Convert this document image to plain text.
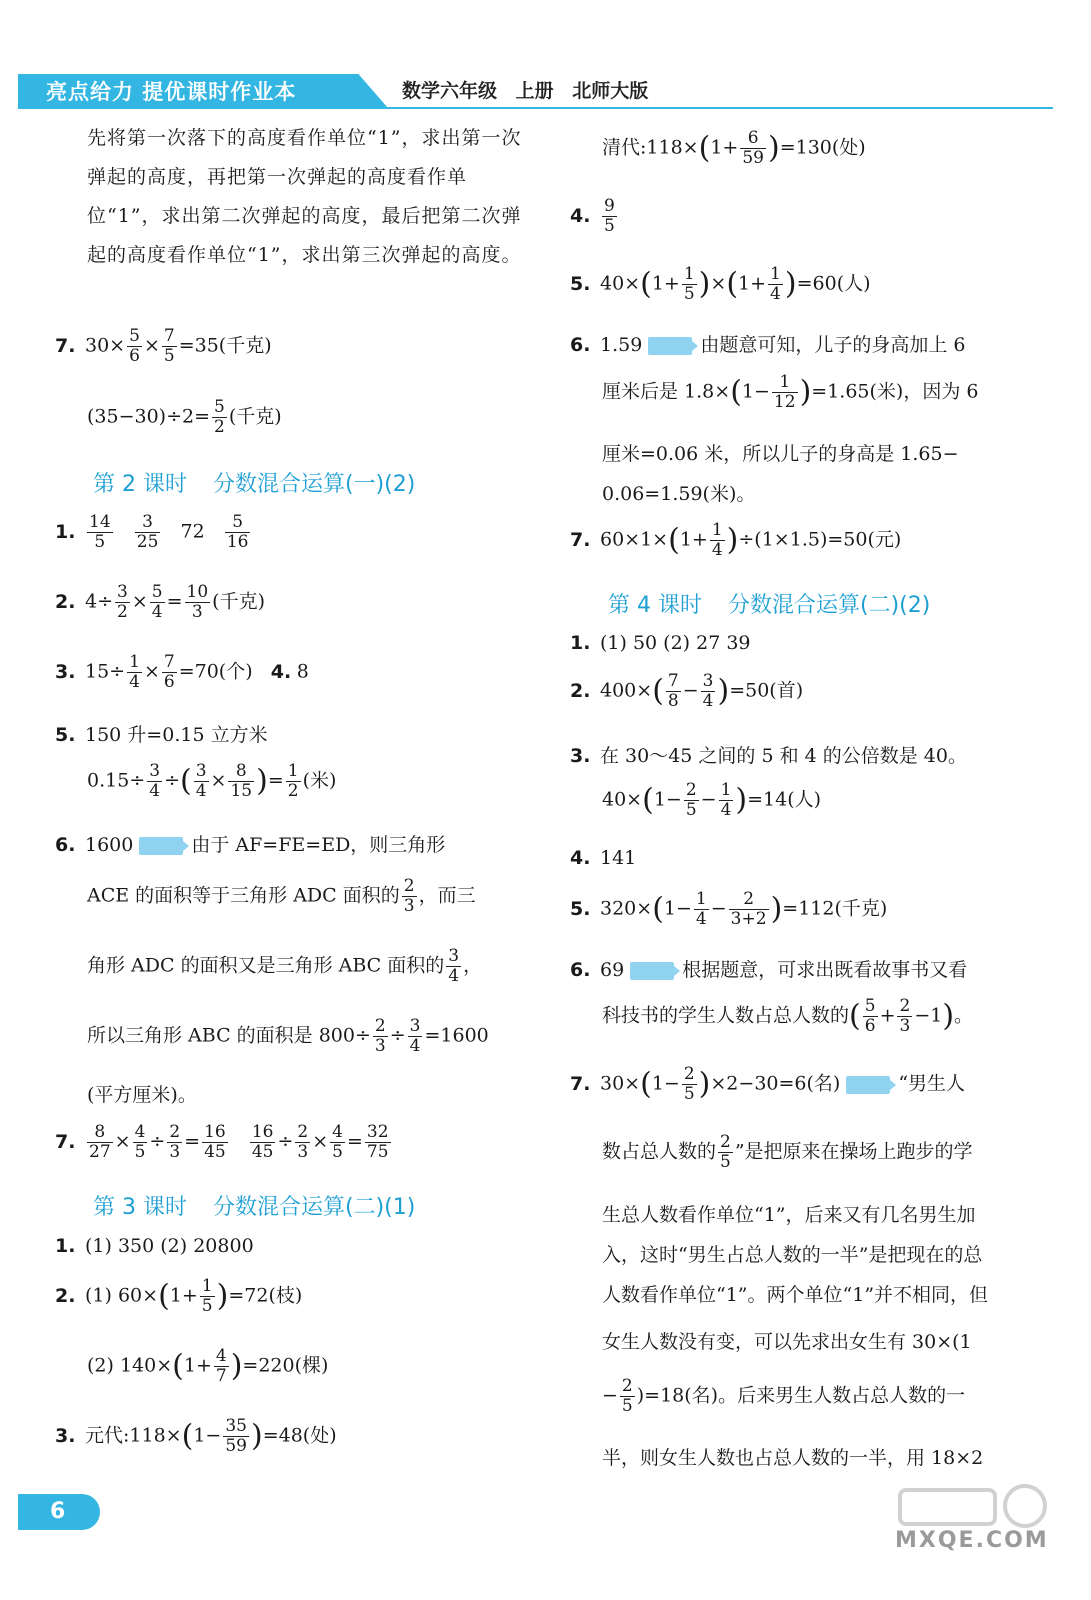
亮点给力 提优课时作业本	数学六年级 上册 北师大版
先将第一次落下的高度看作单位“1”，求出第一次弹起的高度，再把第一次弹起的高度看作单位“1”，求出第二次弹起的高度，最后把第二次弹起的高度看作单位“1”，求出第三次弹起的高度。
7. $30\times \frac{5}{6} \times \frac{7}{5} =35$(千克)
$(35-30)\div 2= \frac{5}{2}$ (千克)
第 2 课时 分数混合运算(一)(2)
1. $\frac{14}{5}$
$\frac{3}{25} 72 \frac{5}{16}$
2. $4\div \frac{3}{2} \times \frac{5}{4} = \frac{10}{3}$ (千克)
3. $15\div \frac{1}{4} \times \frac{7}{6} =70$(个) 4. 8
5. 150 升=0.15 立方米
$0.15\div \frac{3}{4}$ ÷( $\frac{3}{4} \times \frac{8}{15}$ )= $\frac{1}{2}$ (米)
6. 1600	由于 AF=FE=ED，则三角形
ACE 的面积等于三角形 ADC 面积的 $\frac{2}{3}$ ，而三
角形 ADC 的面积又是三角形 ABC 面积的 $\frac{3}{4}$ ，
所以三角形 ABC 的面积是 $800\div \frac{2}{3} \div \frac{3}{4} =1600$
(平方厘米)。
7. $\frac{8}{27} \times \frac{4}{5} \div \frac{2}{3} = \frac{16}{45}$
$\frac{16}{45} \div \frac{2}{3} \times \frac{4}{5} = \frac{32}{75}$
第 3 课时 分数混合运算(二)(1)
1. (1) 350 (2) 20800
2. (1) $60\times(1+ \frac{1}{5} )=72$(枝)
(2) $140\times(1+ \frac{4}{7} )=220$(棵)
3. 元代:118×(1− $\frac{35}{59} )=48$(处)
清代:118×(1+ $\frac{6}{59} )=130$(处)
4. $\frac{9}{5}$
5. $40\times(1+ \frac{1}{5} )\times(1+ \frac{1}{4} )=60$(人)
6. 1.59	由题意可知，儿子的身高加上 6
厘米后是 $1.8\times(1- \frac{1}{12} )=1.65$(米)，因为 6
厘米=0.06 米，所以儿子的身高是 1.65−
0.06=1.59(米)。
7. $60\times 1\times(1+ \frac{1}{4} )\div(1\times 1.5)=50$(元)
第 4 课时 分数混合运算(二)(2)
1. (1) 50 (2) 27 39
2. $400\times( \frac{7}{8} - \frac{3}{4} )=50$(首)
3. 在 30～45 之间的 5 和 4 的公倍数是 40。
$40\times(1- \frac{2}{5} - \frac{1}{4} )=14$(人)
4. 141
5. $320\times(1- \frac{1}{4} - \frac{2}{3+2} )=112$(千克)
6. 69	根据题意，可求出既看故事书又看
科技书的学生人数占总人数的( $\frac{5}{6} + \frac{2}{3} -1$)。
7. $30\times(1- \frac{2}{5} )\times 2-30=6$(名)	“男生人
数占总人数的 $\frac{2}{5}$ ”是把原来在操场上跑步的学
生总人数看作单位“1”，后来又有几名男生加
入，这时“男生占总人数的一半”是把现在的总
人数看作单位“1”。两个单位“1”并不相同，但
女生人数没有变，可以先求出女生有 30×(1
− $\frac{2}{5} )=18$(名)。后来男生人数占总人数的一
半，则女生人数也占总人数的一半，用 18×2
6
MXQE.COM
